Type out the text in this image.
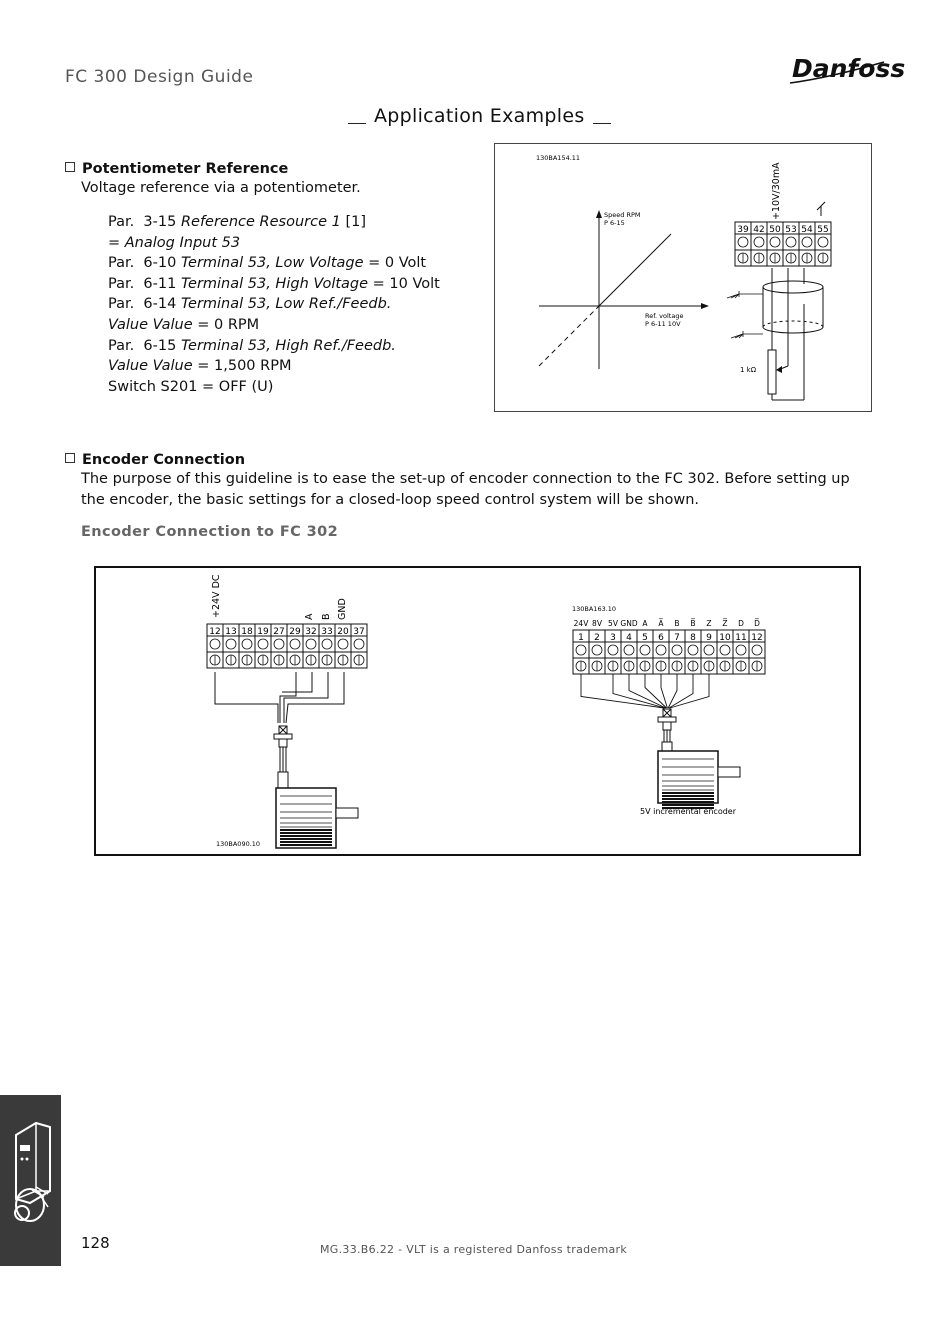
FC 300 Design Guide	Danfoss
Application Examples
Potentiometer Reference
Voltage reference via a potentiometer.
Par.  3-15 Reference Resource 1 [1]
= Analog Input 53
Par.  6-10 Terminal 53, Low Voltage = 0 Volt
Par.  6-11 Terminal 53, High Voltage = 10 Volt
Par.  6-14 Terminal 53, Low Ref./Feedb.
Value Value = 0 RPM
Par.  6-15 Terminal 53, High Ref./Feedb.
Value Value = 1,500 RPM
Switch S201 = OFF (U)
130BA154.11
Speed RPM
P 6-15
Ref. voltage
P 6-11 10V
+10V/30mA
39 42 50 53 54 55
1 kΩ
Encoder Connection
The purpose of this guideline is to ease the set-up of encoder connection to the FC 302. Before setting up the encoder, the basic settings for a closed-loop speed control system will be shown.
Encoder Connection to FC 302
+24V DC	A B GND
12 13 18 19 27 29 32 33 20 37
130BA090.10
130BA163.10
24V 8V 5V GND A A̅ B B̅ Z Z̅ D D̅
1 2 3 4 5 6 7 8 9 10 11 12
5V incremental encoder
128	MG.33.B6.22 - VLT is a registered Danfoss trademark
